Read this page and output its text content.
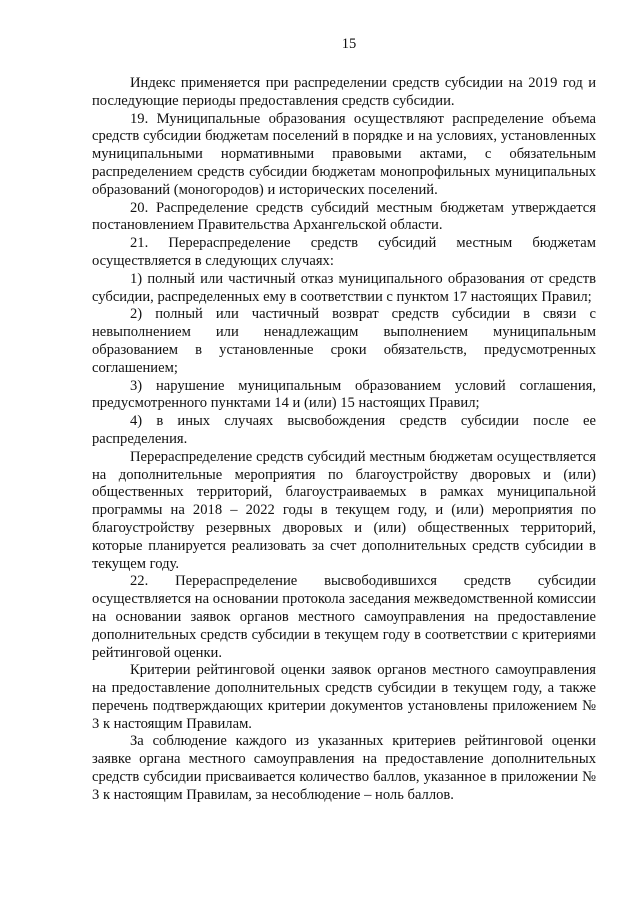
15

Индекс применяется при распределении средств субсидии на 2019 год и последующие периоды предоставления средств субсидии.

19. Муниципальные образования осуществляют распределение объема средств субсидии бюджетам поселений в порядке и на условиях, установленных муниципальными нормативными правовыми актами, с обязательным распределением средств субсидии бюджетам монопрофильных муниципальных образований (моногородов) и исторических поселений.

20. Распределение средств субсидий местным бюджетам утверждается постановлением Правительства Архангельской области.

21. Перераспределение средств субсидий местным бюджетам осуществляется в следующих случаях:

1) полный или частичный отказ муниципального образования от средств субсидии, распределенных ему в соответствии с пунктом 17 настоящих Правил;

2) полный или частичный возврат средств субсидии в связи с невыполнением или ненадлежащим выполнением муниципальным образованием в установленные сроки обязательств, предусмотренных соглашением;

3) нарушение муниципальным образованием условий соглашения, предусмотренного пунктами 14 и (или) 15 настоящих Правил;

4) в иных случаях высвобождения средств субсидии после ее распределения.

Перераспределение средств субсидий местным бюджетам осуществляется на дополнительные мероприятия по благоустройству дворовых и (или) общественных территорий, благоустраиваемых в рамках муниципальной программы на 2018 – 2022 годы в текущем году, и (или) мероприятия по благоустройству резервных дворовых и (или) общественных территорий, которые планируется реализовать за счет дополнительных средств субсидии в текущем году.

22. Перераспределение высвободившихся средств субсидии осуществляется на основании протокола заседания межведомственной комиссии на основании заявок органов местного самоуправления на предоставление дополнительных средств субсидии в текущем году в соответствии с критериями рейтинговой оценки.

Критерии рейтинговой оценки заявок органов местного самоуправления на предоставление дополнительных средств субсидии в текущем году, а также перечень подтверждающих критерии документов установлены приложением № 3 к настоящим Правилам.

За соблюдение каждого из указанных критериев рейтинговой оценки заявке органа местного самоуправления на предоставление дополнительных средств субсидии присваивается количество баллов, указанное в приложении № 3 к настоящим Правилам, за несоблюдение – ноль баллов.
